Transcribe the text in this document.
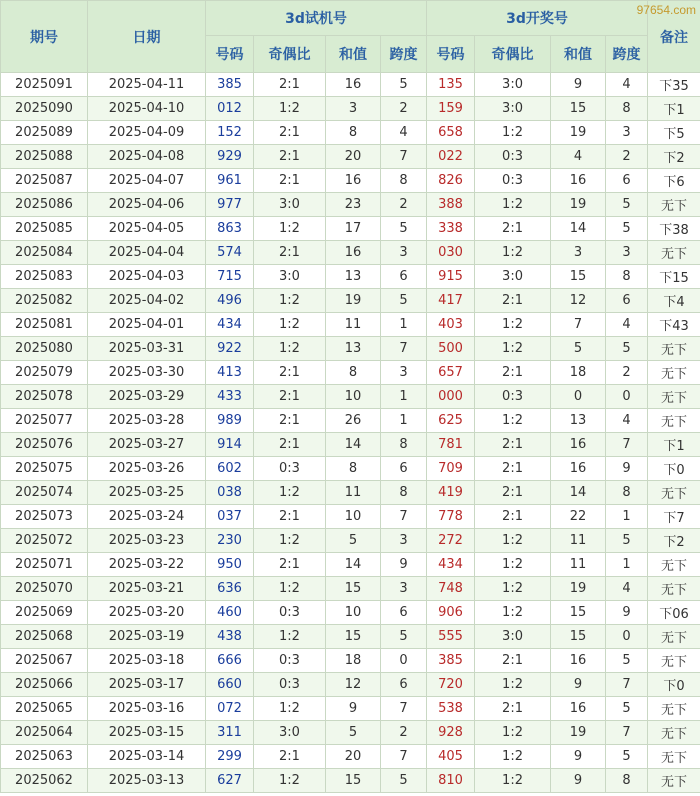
期号	日期	3d试机号				3d开奖号				备注
		号码	奇偶比	和值	跨度	号码	奇偶比	和值	跨度	
2025091	2025-04-11	385	2:1	16	5	135	3:0	9	4	下35
2025090	2025-04-10	012	1:2	3	2	159	3:0	15	8	下1
2025089	2025-04-09	152	2:1	8	4	658	1:2	19	3	下5
2025088	2025-04-08	929	2:1	20	7	022	0:3	4	2	下2
2025087	2025-04-07	961	2:1	16	8	826	0:3	16	6	下6
2025086	2025-04-06	977	3:0	23	2	388	1:2	19	5	无下
2025085	2025-04-05	863	1:2	17	5	338	2:1	14	5	下38
2025084	2025-04-04	574	2:1	16	3	030	1:2	3	3	无下
2025083	2025-04-03	715	3:0	13	6	915	3:0	15	8	下15
2025082	2025-04-02	496	1:2	19	5	417	2:1	12	6	下4
2025081	2025-04-01	434	1:2	11	1	403	1:2	7	4	下43
2025080	2025-03-31	922	1:2	13	7	500	1:2	5	5	无下
2025079	2025-03-30	413	2:1	8	3	657	2:1	18	2	无下
2025078	2025-03-29	433	2:1	10	1	000	0:3	0	0	无下
2025077	2025-03-28	989	2:1	26	1	625	1:2	13	4	无下
2025076	2025-03-27	914	2:1	14	8	781	2:1	16	7	下1
2025075	2025-03-26	602	0:3	8	6	709	2:1	16	9	下0
2025074	2025-03-25	038	1:2	11	8	419	2:1	14	8	无下
2025073	2025-03-24	037	2:1	10	7	778	2:1	22	1	下7
2025072	2025-03-23	230	1:2	5	3	272	1:2	11	5	下2
2025071	2025-03-22	950	2:1	14	9	434	1:2	11	1	无下
2025070	2025-03-21	636	1:2	15	3	748	1:2	19	4	无下
2025069	2025-03-20	460	0:3	10	6	906	1:2	15	9	下06
2025068	2025-03-19	438	1:2	15	5	555	3:0	15	0	无下
2025067	2025-03-18	666	0:3	18	0	385	2:1	16	5	无下
2025066	2025-03-17	660	0:3	12	6	720	1:2	9	7	下0
2025065	2025-03-16	072	1:2	9	7	538	2:1	16	5	无下
2025064	2025-03-15	311	3:0	5	2	928	1:2	19	7	无下
2025063	2025-03-14	299	2:1	20	7	405	1:2	9	5	无下
2025062	2025-03-13	627	1:2	15	5	810	1:2	9	8	无下
97654.com
